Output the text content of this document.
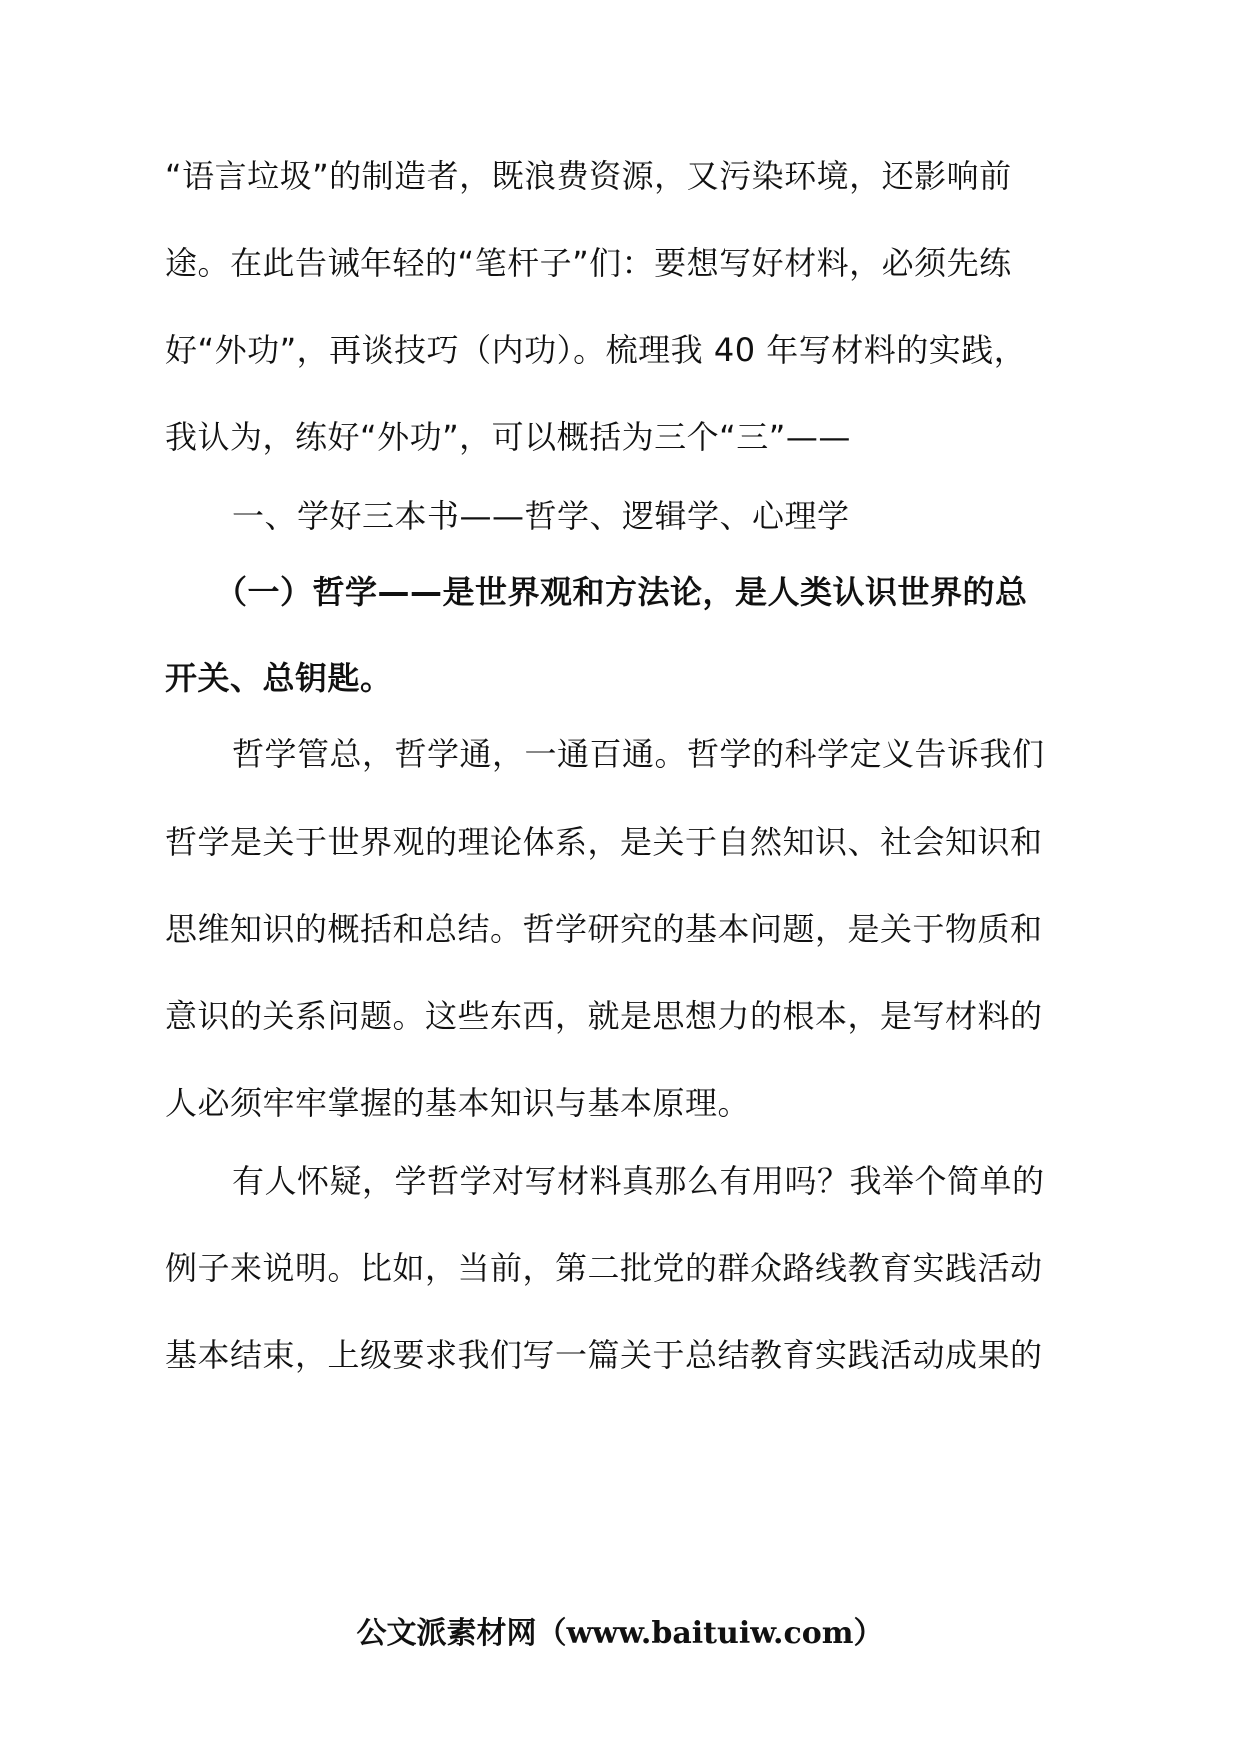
“语言垃圾”的制造者，既浪费资源，又污染环境，还影响前
途。在此告诫年轻的“笔杆子”们：要想写好材料，必须先练
好“外功”，再谈技巧（内功）。梳理我 40 年写材料的实践，
我认为，练好“外功”，可以概括为三个“三”——
一、学好三本书——哲学、逻辑学、心理学
（一）哲学——是世界观和方法论，是人类认识世界的总
开关、总钥匙。
哲学管总，哲学通，一通百通。哲学的科学定义告诉我们
哲学是关于世界观的理论体系，是关于自然知识、社会知识和
思维知识的概括和总结。哲学研究的基本问题，是关于物质和
意识的关系问题。这些东西，就是思想力的根本，是写材料的
人必须牢牢掌握的基本知识与基本原理。
有人怀疑，学哲学对写材料真那么有用吗？我举个简单的
例子来说明。比如，当前，第二批党的群众路线教育实践活动
基本结束，上级要求我们写一篇关于总结教育实践活动成果的
公文派素材网（www.baituiw.com）
